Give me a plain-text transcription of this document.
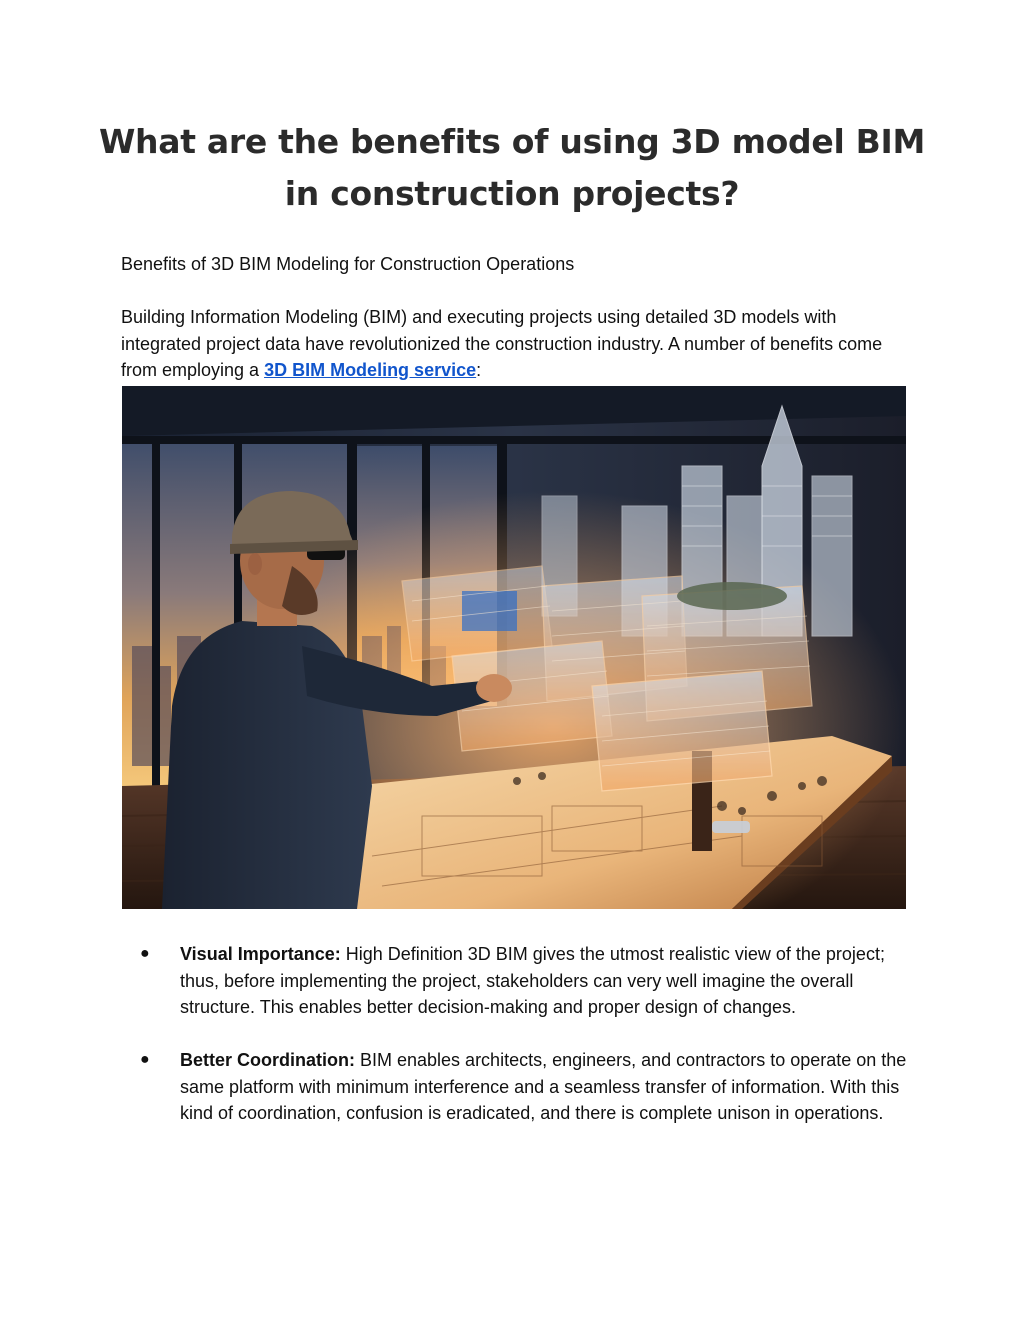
What are the benefits of using 3D model BIM in construction projects?

Benefits of 3D BIM Modeling for Construction Operations

Building Information Modeling (BIM) and executing projects using detailed 3D models with integrated project data have revolutionized the construction industry. A number of benefits come from employing a 3D BIM Modeling service:

● Visual Importance: High Definition 3D BIM gives the utmost realistic view of the project; thus, before implementing the project, stakeholders can very well imagine the overall structure. This enables better decision-making and proper design of changes.
● Better Coordination: BIM enables architects, engineers, and contractors to operate on the same platform with minimum interference and a seamless transfer of information. With this kind of coordination, confusion is eradicated, and there is complete unison in operations.
